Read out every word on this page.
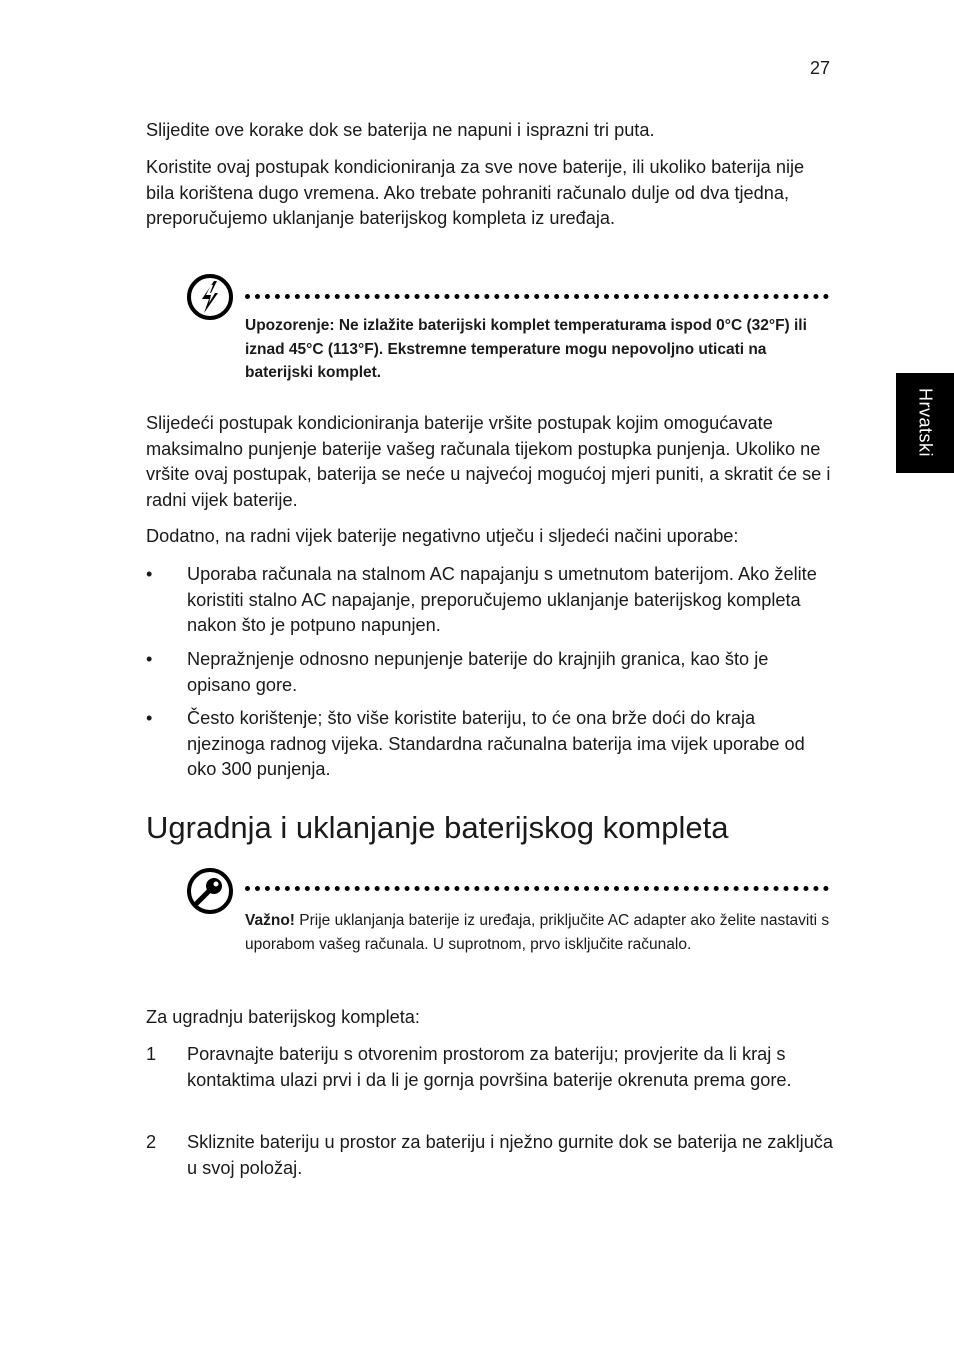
27
Hrvatski

Slijedite ove korake dok se baterija ne napuni i isprazni tri puta.

Koristite ovaj postupak kondicioniranja za sve nove baterije, ili ukoliko baterija nije bila korištena dugo vremena. Ako trebate pohraniti računalo dulje od dva tjedna, preporučujemo uklanjanje baterijskog kompleta iz uređaja.

Upozorenje: Ne izlažite baterijski komplet temperaturama ispod 0°C (32°F) ili iznad 45°C (113°F). Ekstremne temperature mogu nepovoljno uticati na baterijski komplet.

Slijedeći postupak kondicioniranja baterije vršite postupak kojim omogućavate maksimalno punjenje baterije vašeg računala tijekom postupka punjenja. Ukoliko ne vršite ovaj postupak, baterija se neće u najvećoj mogućoj mjeri puniti, a skratit će se i radni vijek baterije.

Dodatno, na radni vijek baterije negativno utječu i sljedeći načini uporabe:

• Uporaba računala na stalnom AC napajanju s umetnutom baterijom. Ako želite koristiti stalno AC napajanje, preporučujemo uklanjanje baterijskog kompleta nakon što je potpuno napunjen.

• Nepražnjenje odnosno nepunjenje baterije do krajnjih granica, kao što je opisano gore.

• Često korištenje; što više koristite bateriju, to će ona brže doći do kraja njezinoga radnog vijeka. Standardna računalna baterija ima vijek uporabe od oko 300 punjenja.

Ugradnja i uklanjanje baterijskog kompleta

Važno! Prije uklanjanja baterije iz uređaja, priključite AC adapter ako želite nastaviti s uporabom vašeg računala. U suprotnom, prvo isključite računalo.

Za ugradnju baterijskog kompleta:

1 Poravnajte bateriju s otvorenim prostorom za bateriju; provjerite da li kraj s kontaktima ulazi prvi i da li je gornja površina baterije okrenuta prema gore.

2 Skliznite bateriju u prostor za bateriju i nježno gurnite dok se baterija ne zaključa u svoj položaj.
